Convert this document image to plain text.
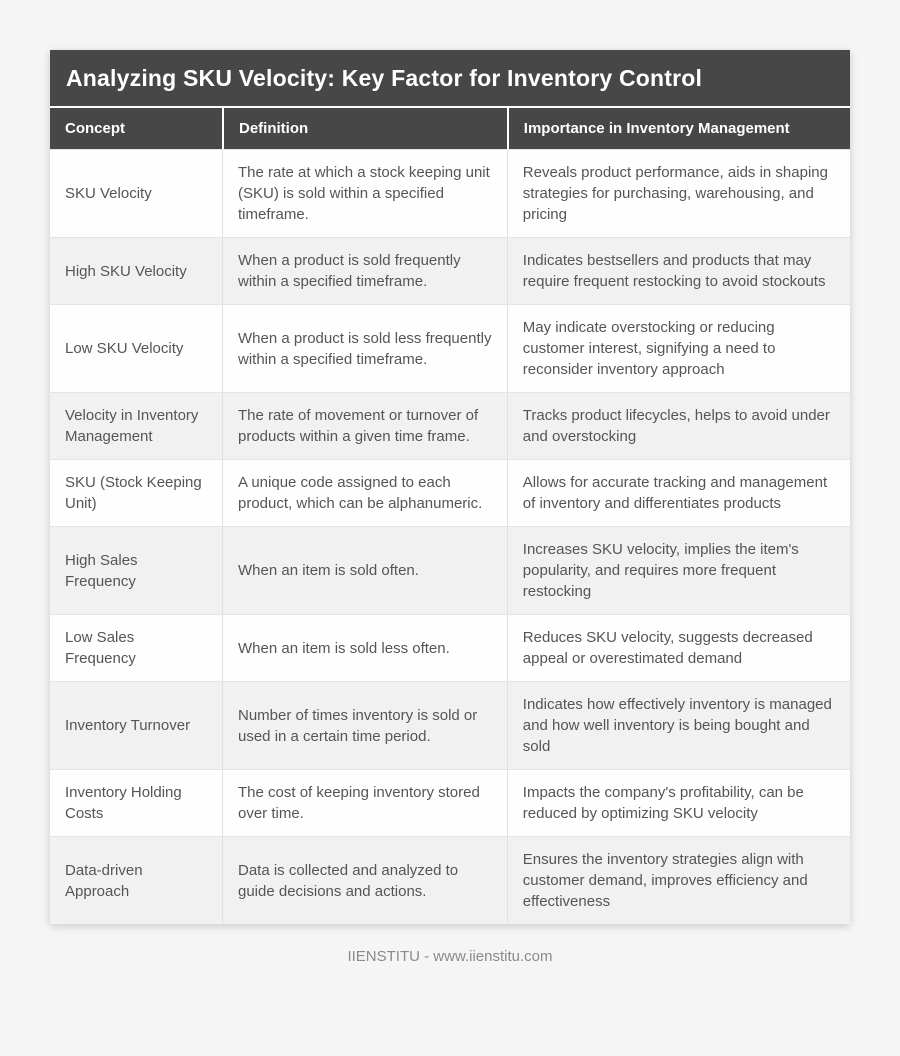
Analyzing SKU Velocity: Key Factor for Inventory Control
Concept	Definition	Importance in Inventory Management
SKU Velocity	The rate at which a stock keeping unit (SKU) is sold within a specified timeframe.	Reveals product performance, aids in shaping strategies for purchasing, warehousing, and pricing
High SKU Velocity	When a product is sold frequently within a specified timeframe.	Indicates bestsellers and products that may require frequent restocking to avoid stockouts
Low SKU Velocity	When a product is sold less frequently within a specified timeframe.	May indicate overstocking or reducing customer interest, signifying a need to reconsider inventory approach
Velocity in Inventory Management	The rate of movement or turnover of products within a given time frame.	Tracks product lifecycles, helps to avoid under and overstocking
SKU (Stock Keeping Unit)	A unique code assigned to each product, which can be alphanumeric.	Allows for accurate tracking and management of inventory and differentiates products
High Sales Frequency	When an item is sold often.	Increases SKU velocity, implies the item's popularity, and requires more frequent restocking
Low Sales Frequency	When an item is sold less often.	Reduces SKU velocity, suggests decreased appeal or overestimated demand
Inventory Turnover	Number of times inventory is sold or used in a certain time period.	Indicates how effectively inventory is managed and how well inventory is being bought and sold
Inventory Holding Costs	The cost of keeping inventory stored over time.	Impacts the company's profitability, can be reduced by optimizing SKU velocity
Data-driven Approach	Data is collected and analyzed to guide decisions and actions.	Ensures the inventory strategies align with customer demand, improves efficiency and effectiveness
IIENSTITU - www.iienstitu.com
